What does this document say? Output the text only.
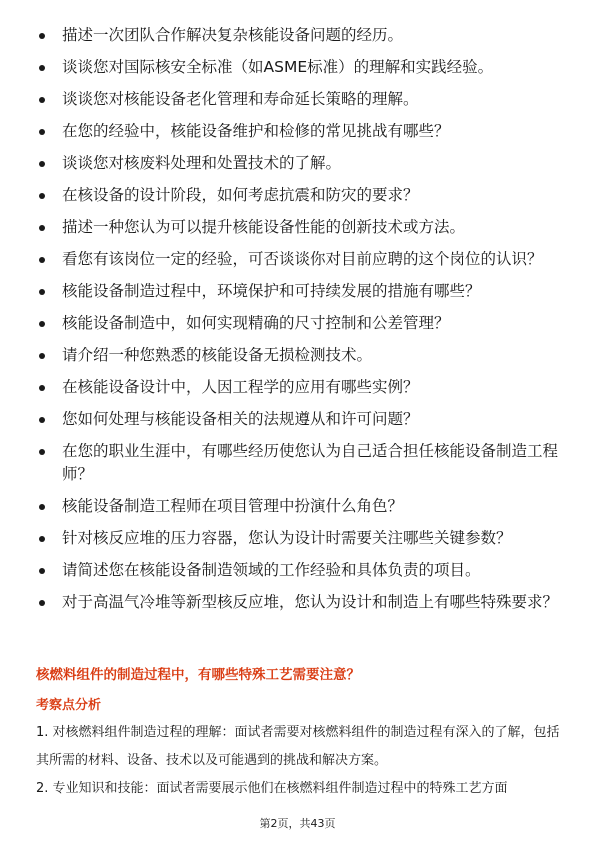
描述一次团队合作解决复杂核能设备问题的经历。
谈谈您对国际核安全标准（如ASME标准）的理解和实践经验。
谈谈您对核能设备老化管理和寿命延长策略的理解。
在您的经验中，核能设备维护和检修的常见挑战有哪些？
谈谈您对核废料处理和处置技术的了解。
在核设备的设计阶段，如何考虑抗震和防灾的要求？
描述一种您认为可以提升核能设备性能的创新技术或方法。
看您有该岗位一定的经验，可否谈谈你对目前应聘的这个岗位的认识？
核能设备制造过程中，环境保护和可持续发展的措施有哪些？
核能设备制造中，如何实现精确的尺寸控制和公差管理？
请介绍一种您熟悉的核能设备无损检测技术。
在核能设备设计中，人因工程学的应用有哪些实例？
您如何处理与核能设备相关的法规遵从和许可问题？
在您的职业生涯中，有哪些经历使您认为自己适合担任核能设备制造工程师？
核能设备制造工程师在项目管理中扮演什么角色？
针对核反应堆的压力容器，您认为设计时需要关注哪些关键参数？
请简述您在核能设备制造领域的工作经验和具体负责的项目。
对于高温气冷堆等新型核反应堆，您认为设计和制造上有哪些特殊要求？
核燃料组件的制造过程中，有哪些特殊工艺需要注意？
考察点分析

1. 对核燃料组件制造过程的理解：面试者需要对核燃料组件的制造过程有深入的了解，包括其所需的材料、设备、技术以及可能遇到的挑战和解决方案。

2. 专业知识和技能：面试者需要展示他们在核燃料组件制造过程中的特殊工艺方面

第2页，共43页
